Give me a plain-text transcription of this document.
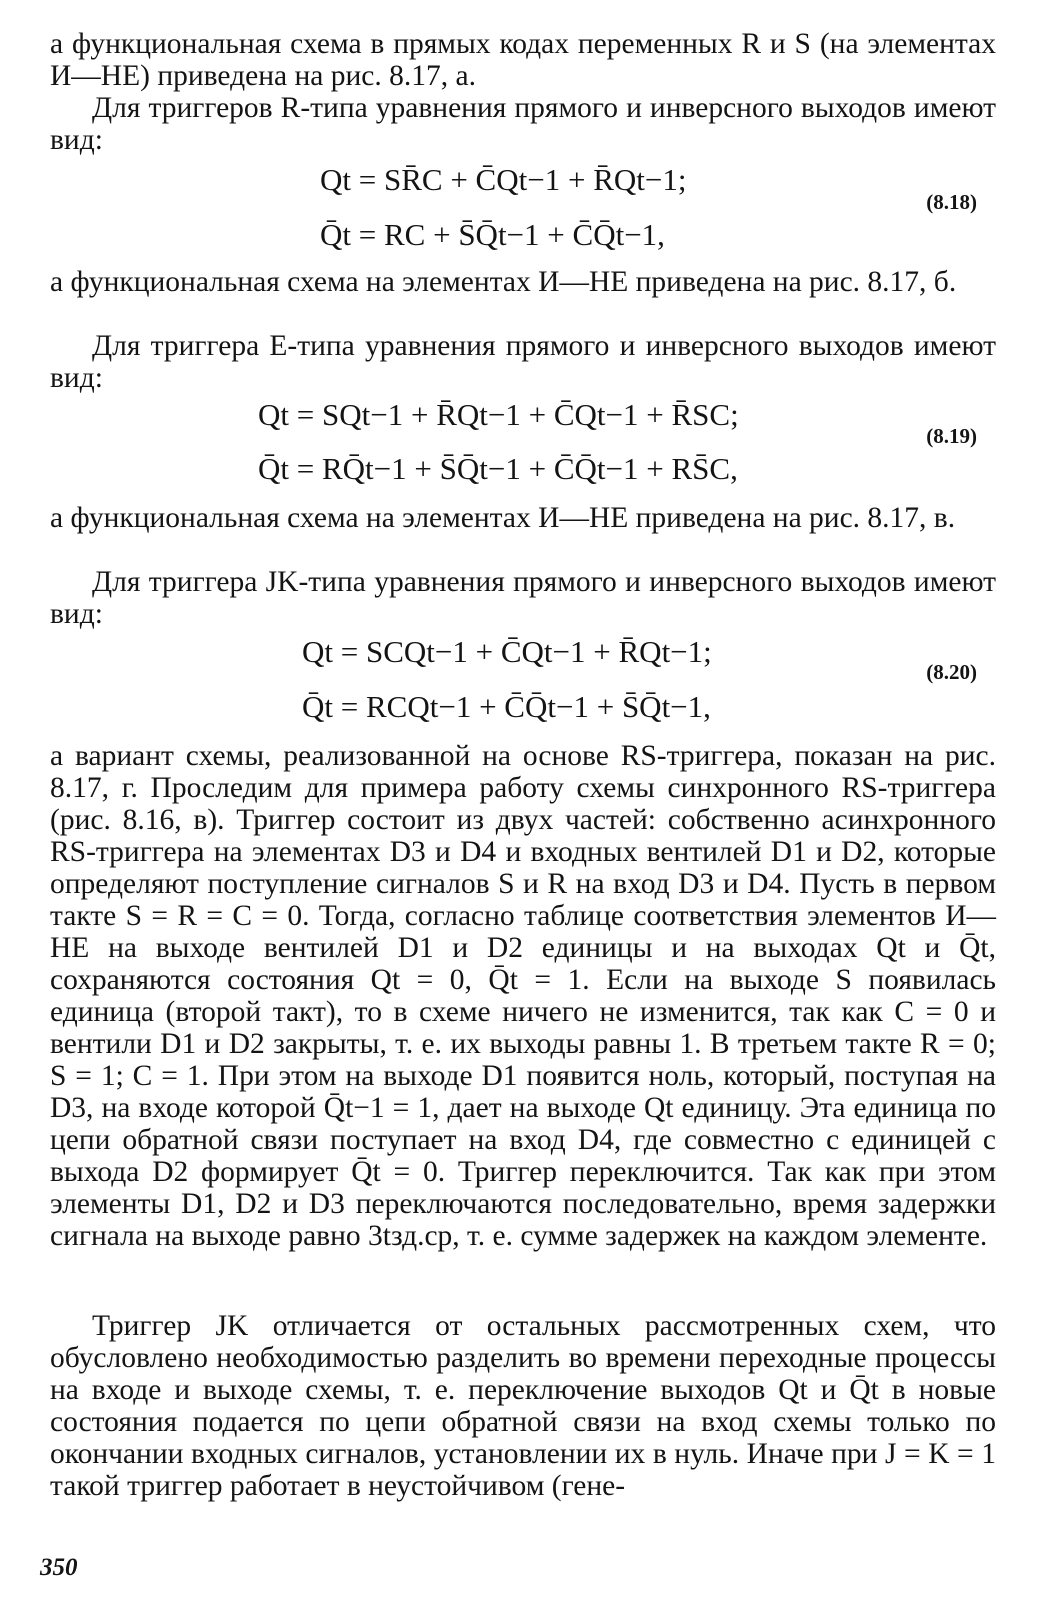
а функциональная схема в прямых кодах переменных R и S (на элементах И—НЕ) приведена на рис. 8.17, а.

Для триггеров R-типа уравнения прямого и инверсного выходов имеют вид:

Qt = SR̄C + C̄Qt−1 + R̄Qt−1;

Q̄t = RC + S̄Q̄t−1 + C̄Q̄t−1,

(8.18)

а функциональная схема на элементах И—НЕ приведена на рис. 8.17, б.

Для триггера E-типа уравнения прямого и инверсного выходов имеют вид:

Qt = SQt−1 + R̄Qt−1 + C̄Qt−1 + R̄SC;

Q̄t = RQ̄t−1 + S̄Q̄t−1 + C̄Q̄t−1 + RS̄C,

(8.19)

а функциональная схема на элементах И—НЕ приведена на рис. 8.17, в.

Для триггера JK-типа уравнения прямого и инверсного выходов имеют вид:

Qt = SCQt−1 + C̄Qt−1 + R̄Qt−1;

Q̄t = RCQt−1 + C̄Q̄t−1 + S̄Q̄t−1,

(8.20)

а вариант схемы, реализованной на основе RS-триггера, показан на рис. 8.17, г. Проследим для примера работу схемы синхронного RS-триггера (рис. 8.16, в). Триггер состоит из двух частей: собственно асинхронного RS-триггера на элементах D3 и D4 и входных вентилей D1 и D2, которые определяют поступление сигналов S и R на вход D3 и D4. Пусть в первом такте S = R = C = 0. Тогда, согласно таблице соответствия элементов И—НЕ на выходе вентилей D1 и D2 единицы и на выходах Qt и Q̄t, сохраняются состояния Qt = 0, Q̄t = 1. Если на выходе S появилась единица (второй такт), то в схеме ничего не изменится, так как C = 0 и вентили D1 и D2 закрыты, т. е. их выходы равны 1. В третьем такте R = 0; S = 1; C = 1. При этом на выходе D1 появится ноль, который, поступая на D3, на входе которой Q̄t−1 = 1, дает на выходе Qt единицу. Эта единица по цепи обратной связи поступает на вход D4, где совместно с единицей с выхода D2 формирует Q̄t = 0. Триггер переключится. Так как при этом элементы D1, D2 и D3 переключаются последовательно, время задержки сигнала на выходе равно 3tзд.ср, т. е. сумме задержек на каждом элементе.

Триггер JK отличается от остальных рассмотренных схем, что обусловлено необходимостью разделить во времени переходные процессы на входе и выходе схемы, т. е. переключение выходов Qt и Q̄t в новые состояния подается по цепи обратной связи на вход схемы только по окончании входных сигналов, установлении их в нуль. Иначе при J = K = 1 такой триггер работает в неустойчивом (гене-

350
